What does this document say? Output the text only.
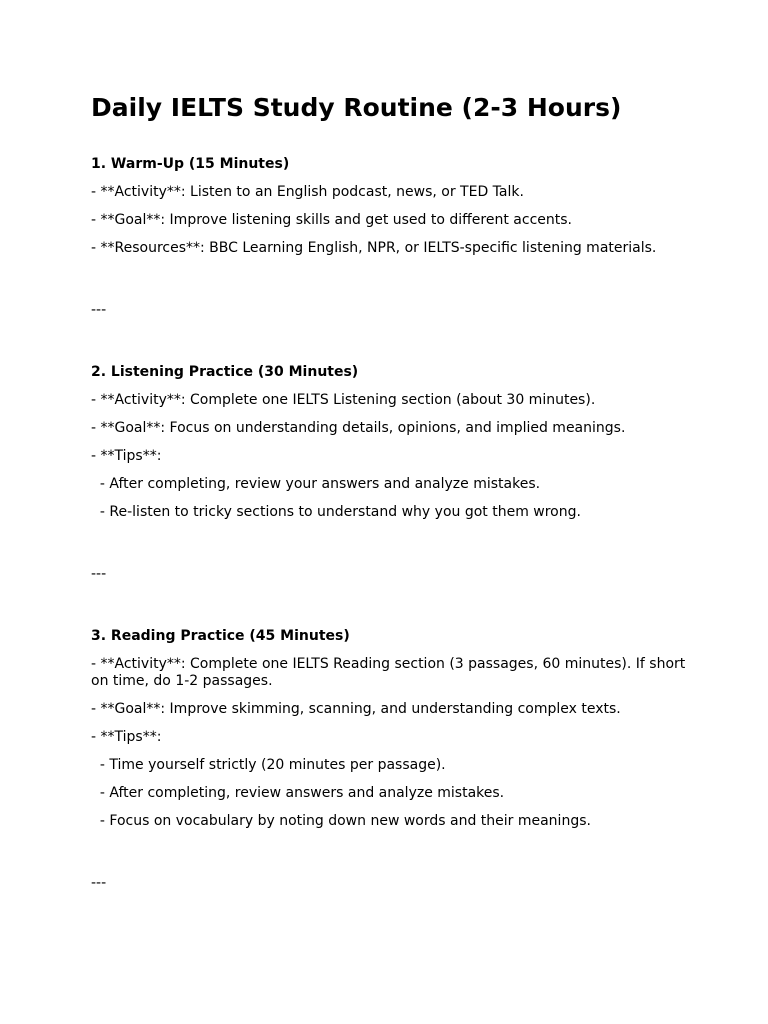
Daily IELTS Study Routine (2-3 Hours)
1. Warm-Up (15 Minutes)
- **Activity**: Listen to an English podcast, news, or TED Talk.
- **Goal**: Improve listening skills and get used to different accents.
- **Resources**: BBC Learning English, NPR, or IELTS-specific listening materials.
---
2. Listening Practice (30 Minutes)
- **Activity**: Complete one IELTS Listening section (about 30 minutes).
- **Goal**: Focus on understanding details, opinions, and implied meanings.
- **Tips**:
- After completing, review your answers and analyze mistakes.
- Re-listen to tricky sections to understand why you got them wrong.
---
3. Reading Practice (45 Minutes)
- **Activity**: Complete one IELTS Reading section (3 passages, 60 minutes). If short on time, do 1-2 passages.
- **Goal**: Improve skimming, scanning, and understanding complex texts.
- **Tips**:
- Time yourself strictly (20 minutes per passage).
- After completing, review answers and analyze mistakes.
- Focus on vocabulary by noting down new words and their meanings.
---
